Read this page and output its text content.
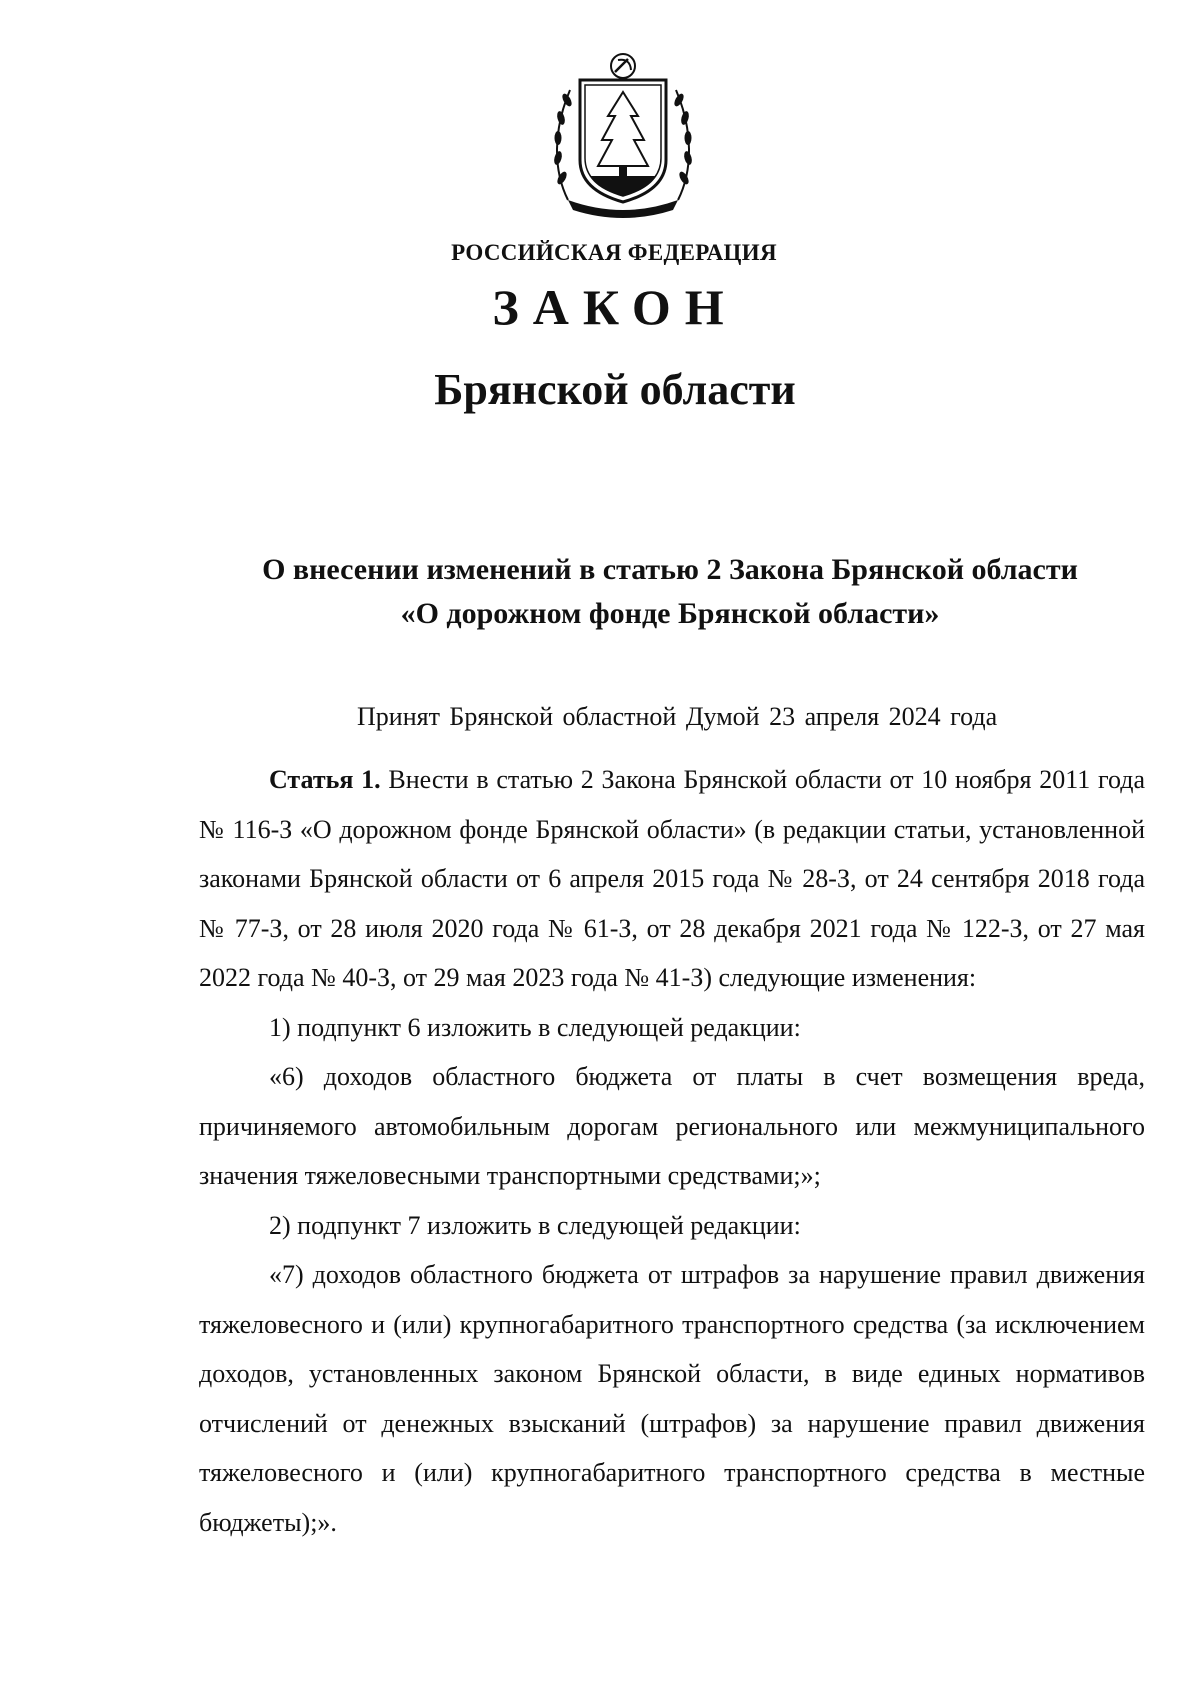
РОССИЙСКАЯ ФЕДЕРАЦИЯ
ЗАКОН
Брянской области
О внесении изменений в статью 2 Закона Брянской области
«О дорожном фонде Брянской области»
Принят Брянской областной Думой 23 апреля 2024 года

Статья 1. Внести в статью 2 Закона Брянской области от 10 ноября 2011 года № 116-З «О дорожном фонде Брянской области» (в редакции статьи, установленной законами Брянской области от 6 апреля 2015 года № 28-З, от 24 сентября 2018 года № 77-З, от 28 июля 2020 года № 61-З, от 28 декабря 2021 года № 122-З, от 27 мая 2022 года № 40-З, от 29 мая 2023 года № 41-З) следующие изменения:

1) подпункт 6 изложить в следующей редакции:

«6) доходов областного бюджета от платы в счет возмещения вреда, причиняемого автомобильным дорогам регионального или межмуниципального значения тяжеловесными транспортными средствами;»;

2) подпункт 7 изложить в следующей редакции:

«7) доходов областного бюджета от штрафов за нарушение правил движения тяжеловесного и (или) крупногабаритного транспортного средства (за исключением доходов, установленных законом Брянской области, в виде единых нормативов отчислений от денежных взысканий (штрафов) за нарушение правил движения тяжеловесного и (или) крупногабаритного транспортного средства в местные бюджеты);».
